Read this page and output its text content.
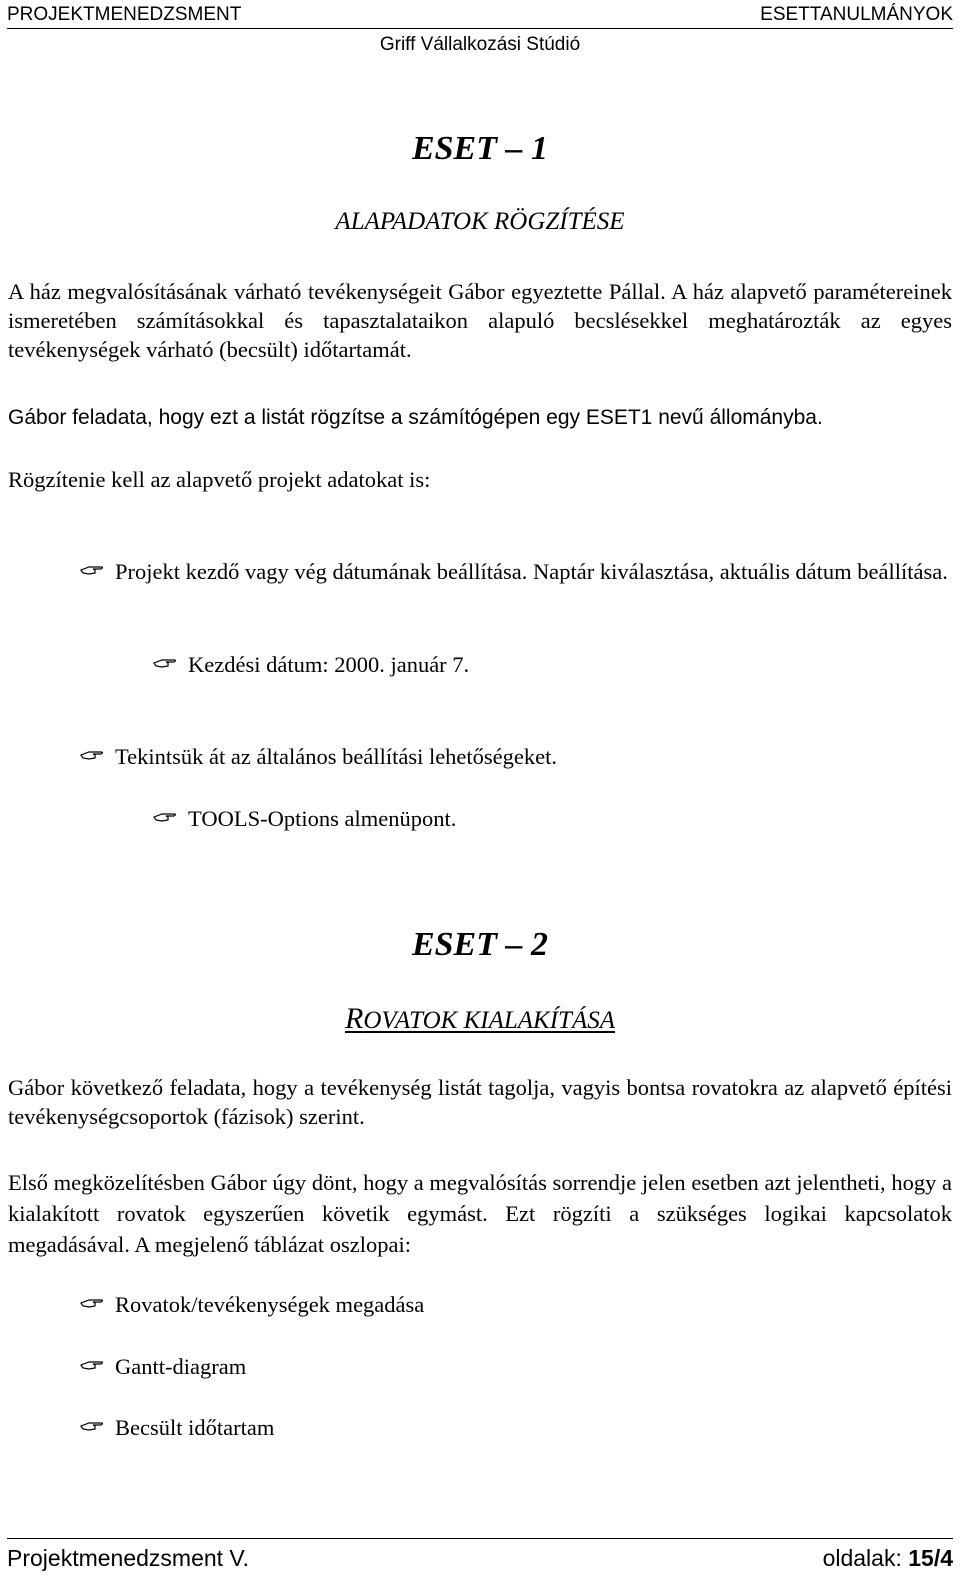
PROJEKTMENEDZSMENT	ESETTANULMÁNYOK
Griff Vállalkozási Stúdió
ESET – 1
ALAPADATOK RÖGZÍTÉSE
A ház megvalósításának várható tevékenységeit Gábor egyeztette Pállal. A ház alapvető paramétereinek ismeretében számításokkal és tapasztalataikon alapuló becslésekkel meghatározták az egyes tevékenységek várható (becsült) időtartamát.
Gábor feladata, hogy ezt a listát rögzítse a számítógépen egy ESET1 nevű állományba.
Rögzítenie kell az alapvető projekt adatokat is:
Projekt kezdő vagy vég dátumának beállítása. Naptár kiválasztása, aktuális dátum beállítása.
Kezdési dátum: 2000. január 7.
Tekintsük át az általános beállítási lehetőségeket.
TOOLS-Options almenüpont.
ESET – 2
ROVATOK KIALAKÍTÁSA
Gábor következő feladata, hogy a tevékenység listát tagolja, vagyis bontsa rovatokra az alapvető építési tevékenységcsoportok (fázisok) szerint.
Első megközelítésben Gábor úgy dönt, hogy a megvalósítás sorrendje jelen esetben azt jelentheti, hogy a kialakított rovatok egyszerűen követik egymást. Ezt rögzíti a szükséges logikai kapcsolatok megadásával. A megjelenő táblázat oszlopai:
Rovatok/tevékenységek megadása
Gantt-diagram
Becsült időtartam
Projektmenedzsment V.	oldalak: 15/4
